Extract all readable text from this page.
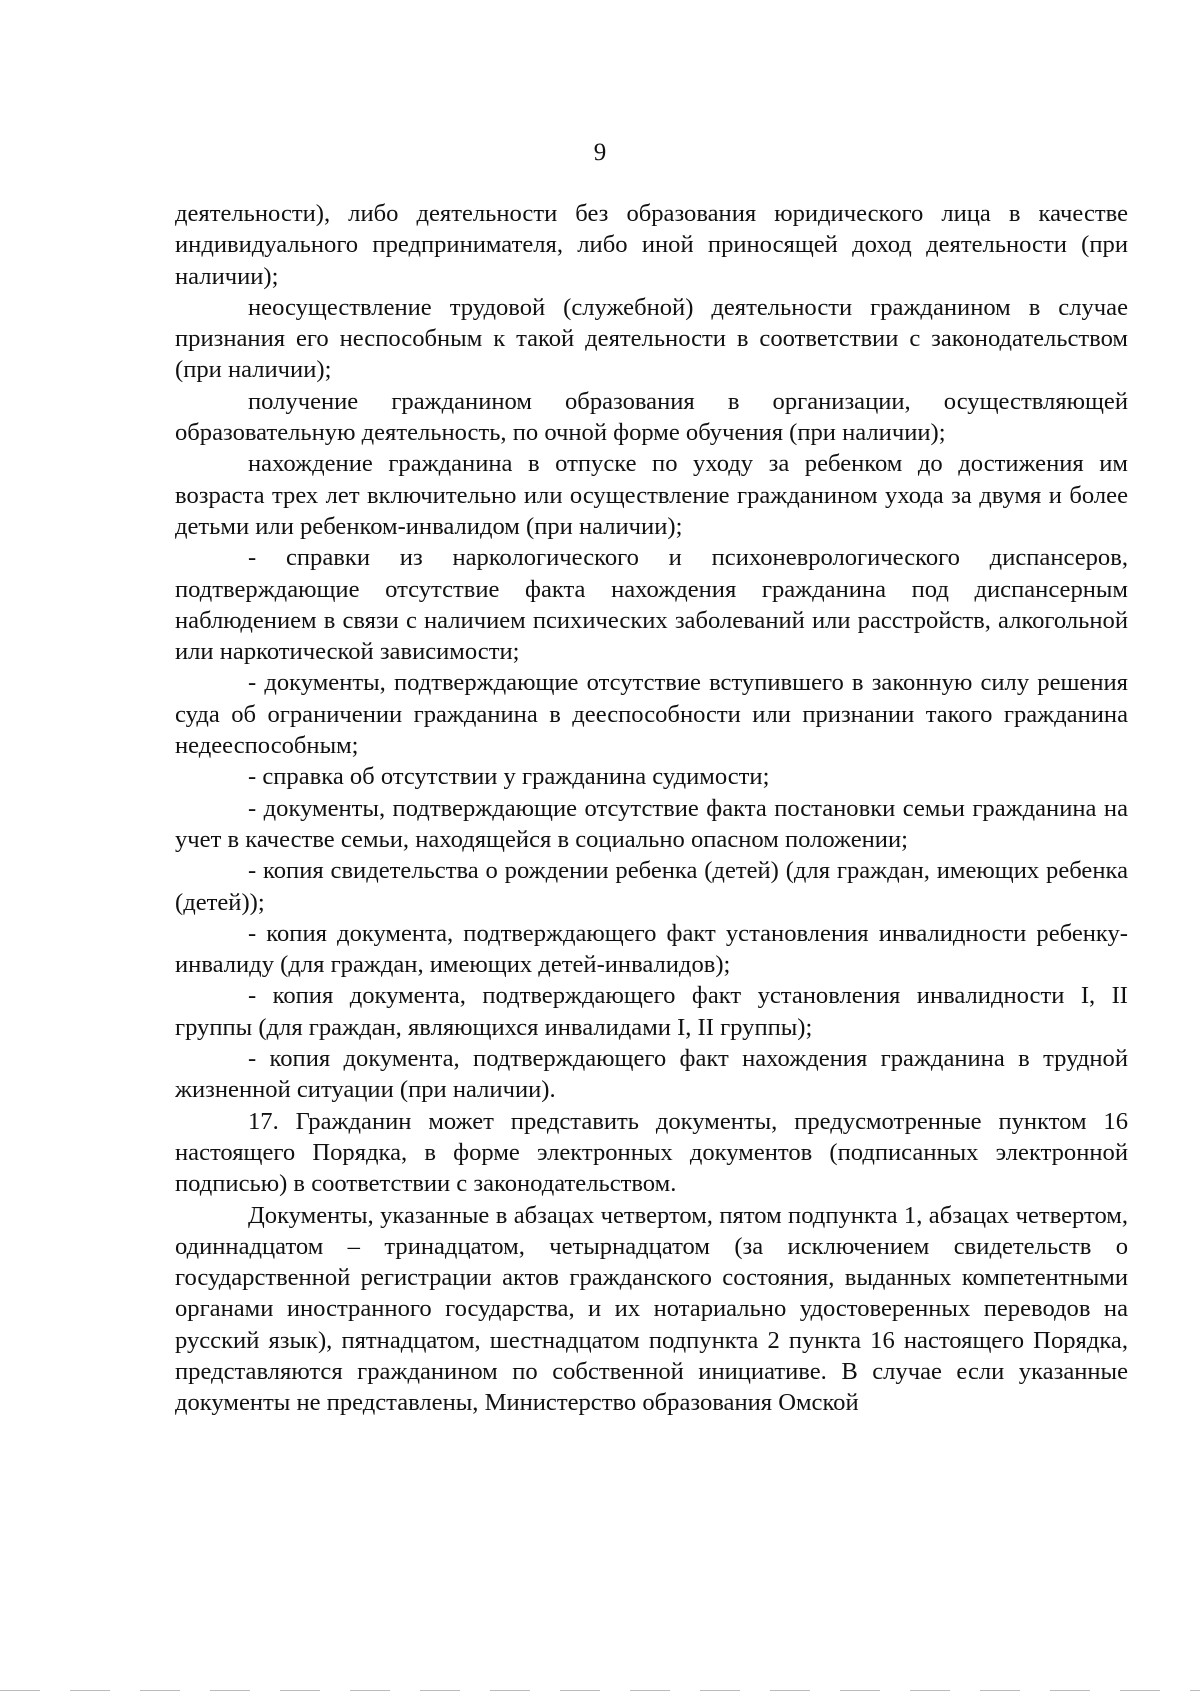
9

деятельности), либо деятельности без образования юридического лица в качестве индивидуального предпринимателя, либо иной приносящей доход деятельности (при наличии);

неосуществление трудовой (служебной) деятельности гражданином в случае признания его неспособным к такой деятельности в соответствии с законодательством (при наличии);

получение гражданином образования в организации, осуществляющей образовательную деятельность, по очной форме обучения (при наличии);

нахождение гражданина в отпуске по уходу за ребенком до достижения им возраста трех лет включительно или осуществление гражданином ухода за двумя и более детьми или ребенком-инвалидом (при наличии);

- справки из наркологического и психоневрологического диспансеров, подтверждающие отсутствие факта нахождения гражданина под диспансерным наблюдением в связи с наличием психических заболеваний или расстройств, алкогольной или наркотической зависимости;

- документы, подтверждающие отсутствие вступившего в законную силу решения суда об ограничении гражданина в дееспособности или признании такого гражданина недееспособным;

- справка об отсутствии у гражданина судимости;

- документы, подтверждающие отсутствие факта постановки семьи гражданина на учет в качестве семьи, находящейся в социально опасном положении;

- копия свидетельства о рождении ребенка (детей) (для граждан, имеющих ребенка (детей));

- копия документа, подтверждающего факт установления инвалидности ребенку-инвалиду (для граждан, имеющих детей-инвалидов);

- копия документа, подтверждающего факт установления инвалидности I, II группы (для граждан, являющихся инвалидами I, II группы);

- копия документа, подтверждающего факт нахождения гражданина в трудной жизненной ситуации (при наличии).

17. Гражданин может представить документы, предусмотренные пунктом 16 настоящего Порядка, в форме электронных документов (подписанных электронной подписью) в соответствии с законодательством.

Документы, указанные в абзацах четвертом, пятом подпункта 1, абзацах четвертом, одиннадцатом – тринадцатом, четырнадцатом (за исключением свидетельств о государственной регистрации актов гражданского состояния, выданных компетентными органами иностранного государства, и их нотариально удостоверенных переводов на русский язык), пятнадцатом, шестнадцатом подпункта 2 пункта 16 настоящего Порядка, представляются гражданином по собственной инициативе. В случае если указанные документы не представлены, Министерство образования Омской
